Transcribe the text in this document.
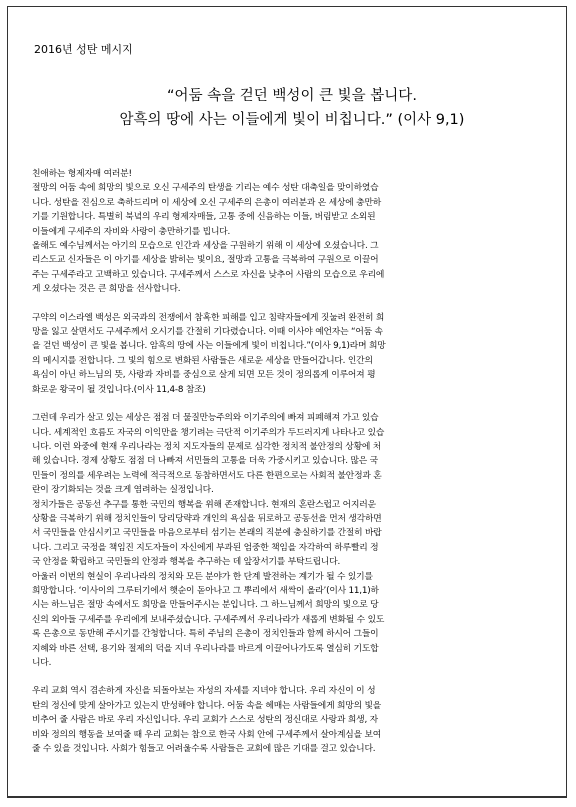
2016년 성탄 메시지
“어둠 속을 걷던 백성이 큰 빛을 봅니다.
암흑의 땅에 사는 이들에게 빛이 비칩니다.” (이사 9,1)
친애하는 형제자매 여러분!
절망의 어둠 속에 희망의 빛으로 오신 구세주의 탄생을 기리는 예수 성탄 대축일을 맞이하였습
니다. 성탄을 진심으로 축하드리며 이 세상에 오신 구세주의 은총이 여러분과 온 세상에 충만하
기를 기원합니다. 특별히 북녘의 우리 형제자매들, 고통 중에 신음하는 이들, 버림받고 소외된
이들에게 구세주의 자비와 사랑이 충만하기를 빕니다.
올해도 예수님께서는 아기의 모습으로 인간과 세상을 구원하기 위해 이 세상에 오셨습니다. 그
리스도교 신자들은 이 아기를 세상을 밝히는 빛이요, 절망과 고통을 극복하여 구원으로 이끌어
주는 구세주라고 고백하고 있습니다. 구세주께서 스스로 자신을 낮추어 사람의 모습으로 우리에
게 오셨다는 것은 큰 희망을 선사합니다.
구약의 이스라엘 백성은 외국과의 전쟁에서 참혹한 피해를 입고 침략자들에게 짓눌려 완전히 희
망을 잃고 살면서도 구세주께서 오시기를 간절히 기다렸습니다. 이때 이사야 예언자는 “어둠 속
을 걷던 백성이 큰 빛을 봅니다. 암흑의 땅에 사는 이들에게 빛이 비칩니다.”(이사 9,1)라며 희망
의 메시지를 전합니다. 그 빛의 힘으로 변화된 사람들은 새로운 세상을 만들어갑니다. 인간의
욕심이 아닌 하느님의 뜻, 사랑과 자비를 중심으로 살게 되면 모든 것이 정의롭게 이루어져 평
화로운 왕국이 될 것입니다.(이사 11,4-8 참조)
그런데 우리가 살고 있는 세상은 점점 더 물질만능주의와 이기주의에 빠져 피폐해져 가고 있습
니다. 세계적인 흐름도 자국의 이익만을 챙기려는 극단적 이기주의가 두드러지게 나타나고 있습
니다. 이런 와중에 현재 우리나라는 정치 지도자들의 문제로 심각한 정치적 불안정의 상황에 처
해 있습니다. 경제 상황도 점점 더 나빠져 서민들의 고통을 더욱 가중시키고 있습니다. 많은 국
민들이 정의를 세우려는 노력에 적극적으로 동참하면서도 다른 한편으로는 사회적 불안정과 혼
란이 장기화되는 것을 크게 염려하는 실정입니다.
정치가들은 공동선 추구를 통한 국민의 행복을 위해 존재합니다. 현재의 혼란스럽고 어지러운
상황을 극복하기 위해 정치인들이 당리당략과 개인의 욕심을 뒤로하고 공동선을 먼저 생각하면
서 국민들을 안심시키고 국민들을 마음으로부터 섬기는 본래의 직분에 충실하기를 간절히 바랍
니다. 그리고 국정을 책임진 지도자들이 자신에게 부과된 엄중한 책임을 자각하여 하루빨리 정
국 안정을 확립하고 국민들의 안정과 행복을 추구하는 데 앞장서기를 부탁드립니다.
아울러 이번의 현실이 우리나라의 정치와 모든 분야가 한 단계 발전하는 계기가 될 수 있기를
희망합니다. ‘이사이의 그루터기에서 햇순이 돋아나고 그 뿌리에서 새싹이 올라’(이사 11,1)하
시는 하느님은 절망 속에서도 희망을 만들어주시는 분입니다. 그 하느님께서 희망의 빛으로 당
신의 외아들 구세주를 우리에게 보내주셨습니다. 구세주께서 우리나라가 새롭게 변화될 수 있도
록 은총으로 동반해 주시기를 간청합니다. 특히 주님의 은총이 정치인들과 함께 하시어 그들이
지혜와 바른 선택, 용기와 절제의 덕을 지녀 우리나라를 바르게 이끌어나가도록 열심히 기도합
니다.
우리 교회 역시 겸손하게 자신을 되돌아보는 자성의 자세를 지녀야 합니다. 우리 자신이 이 성
탄의 정신에 맞게 살아가고 있는지 반성해야 합니다. 어둠 속을 헤매는 사람들에게 희망의 빛을
비추어 줄 사람은 바로 우리 자신입니다. 우리 교회가 스스로 성탄의 정신대로 사랑과 희생, 자
비와 정의의 행동을 보여줄 때 우리 교회는 참으로 한국 사회 안에 구세주께서 살아계심을 보여
줄 수 있을 것입니다. 사회가 힘들고 어려울수록 사람들은 교회에 많은 기대를 걸고 있습니다.
